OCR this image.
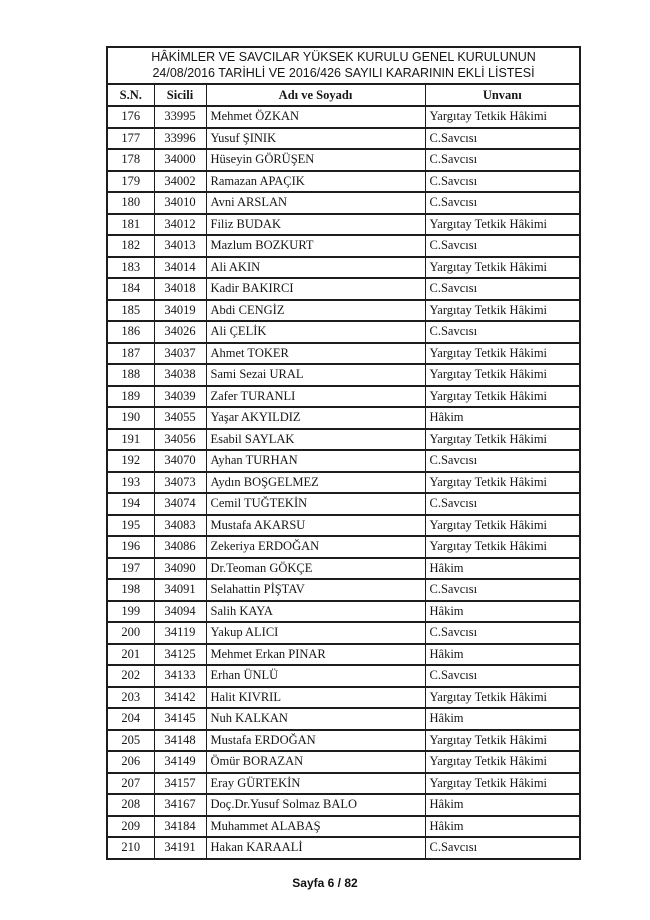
HÂKİMLER VE SAVCILAR YÜKSEK KURULU GENEL KURULUNUN
24/08/2016 TARİHLİ VE 2016/426 SAYILI KARARININ EKLİ LİSTESİ			

S.N.	Sicili	Adı ve Soyadı	Unvanı
176	33995	Mehmet ÖZKAN	Yargıtay Tetkik Hâkimi
177	33996	Yusuf ŞINIK	C.Savcısı
178	34000	Hüseyin GÖRÜŞEN	C.Savcısı
179	34002	Ramazan APAÇIK	C.Savcısı
180	34010	Avni ARSLAN	C.Savcısı
181	34012	Filiz BUDAK	Yargıtay Tetkik Hâkimi
182	34013	Mazlum BOZKURT	C.Savcısı
183	34014	Ali AKIN	Yargıtay Tetkik Hâkimi
184	34018	Kadir BAKIRCI	C.Savcısı
185	34019	Abdi CENGİZ	Yargıtay Tetkik Hâkimi
186	34026	Ali ÇELİK	C.Savcısı
187	34037	Ahmet TOKER	Yargıtay Tetkik Hâkimi
188	34038	Sami Sezai URAL	Yargıtay Tetkik Hâkimi
189	34039	Zafer TURANLI	Yargıtay Tetkik Hâkimi
190	34055	Yaşar AKYILDIZ	Hâkim
191	34056	Esabil SAYLAK	Yargıtay Tetkik Hâkimi
192	34070	Ayhan TURHAN	C.Savcısı
193	34073	Aydın BOŞGELMEZ	Yargıtay Tetkik Hâkimi
194	34074	Cemil TUĞTEKİN	C.Savcısı
195	34083	Mustafa AKARSU	Yargıtay Tetkik Hâkimi
196	34086	Zekeriya ERDOĞAN	Yargıtay Tetkik Hâkimi
197	34090	Dr.Teoman GÖKÇE	Hâkim
198	34091	Selahattin PİŞTAV	C.Savcısı
199	34094	Salih KAYA	Hâkim
200	34119	Yakup ALICI	C.Savcısı
201	34125	Mehmet Erkan PINAR	Hâkim
202	34133	Erhan ÜNLÜ	C.Savcısı
203	34142	Halit KIVRIL	Yargıtay Tetkik Hâkimi
204	34145	Nuh KALKAN	Hâkim
205	34148	Mustafa ERDOĞAN	Yargıtay Tetkik Hâkimi
206	34149	Ömür BORAZAN	Yargıtay Tetkik Hâkimi
207	34157	Eray GÜRTEKİN	Yargıtay Tetkik Hâkimi
208	34167	Doç.Dr.Yusuf Solmaz BALO	Hâkim
209	34184	Muhammet ALABAŞ	Hâkim
210	34191	Hakan KARAALİ	C.Savcısı
Sayfa 6 / 82
